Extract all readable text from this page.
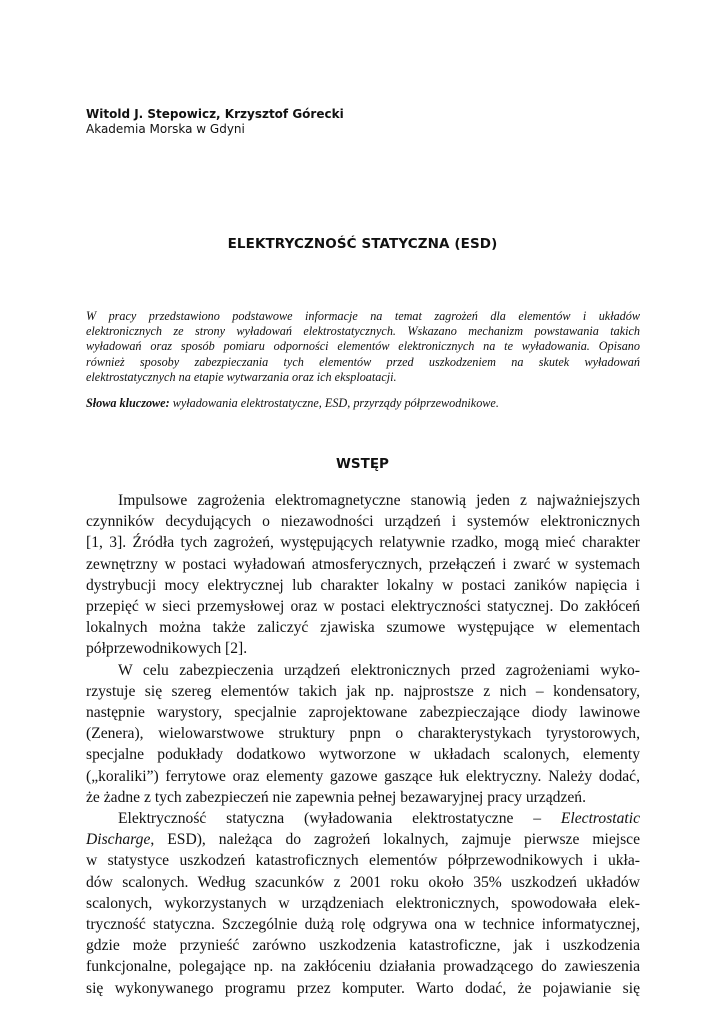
Witold J. Stepowicz, Krzysztof Górecki
Akademia Morska w Gdyni
ELEKTRYCZNOŚĆ STATYCZNA (ESD)
W pracy przedstawiono podstawowe informacje na temat zagrożeń dla elementów i układów
elektronicznych ze strony wyładowań elektrostatycznych. Wskazano mechanizm powstawania takich
wyładowań oraz sposób pomiaru odporności elementów elektronicznych na te wyładowania. Opisano
również sposoby zabezpieczania tych elementów przed uszkodzeniem na skutek wyładowań
elektrostatycznych na etapie wytwarzania oraz ich eksploatacji.
Słowa kluczowe: wyładowania elektrostatyczne, ESD, przyrządy półprzewodnikowe.
WSTĘP
Impulsowe zagrożenia elektromagnetyczne stanowią jeden z najważniejszych
czynników decydujących o niezawodności urządzeń i systemów elektronicznych
[1, 3]. Źródła tych zagrożeń, występujących relatywnie rzadko, mogą mieć charakter
zewnętrzny w postaci wyładowań atmosferycznych, przełączeń i zwarć w systemach
dystrybucji mocy elektrycznej lub charakter lokalny w postaci zaników napięcia i
przepięć w sieci przemysłowej oraz w postaci elektryczności statycznej. Do zakłóceń
lokalnych można także zaliczyć zjawiska szumowe występujące w elementach
półprzewodnikowych [2].
W celu zabezpieczenia urządzeń elektronicznych przed zagrożeniami wyko-
rzystuje się szereg elementów takich jak np. najprostsze z nich – kondensatory,
następnie warystory, specjalnie zaprojektowane zabezpieczające diody lawinowe
(Zenera), wielowarstwowe struktury pnpn o charakterystykach tyrystorowych,
specjalne podukłady dodatkowo wytworzone w układach scalonych, elementy
(„koraliki”) ferrytowe oraz elementy gazowe gaszące łuk elektryczny. Należy dodać,
że żadne z tych zabezpieczeń nie zapewnia pełnej bezawaryjnej pracy urządzeń.
Elektryczność statyczna (wyładowania elektrostatyczne – Electrostatic
Discharge, ESD), należąca do zagrożeń lokalnych, zajmuje pierwsze miejsce
w statystyce uszkodzeń katastroficznych elementów półprzewodnikowych i ukła-
dów scalonych. Według szacunków z 2001 roku około 35% uszkodzeń układów
scalonych, wykorzystanych w urządzeniach elektronicznych, spowodowała elek-
tryczność statyczna. Szczególnie dużą rolę odgrywa ona w technice informatycznej,
gdzie może przynieść zarówno uszkodzenia katastroficzne, jak i uszkodzenia
funkcjonalne, polegające np. na zakłóceniu działania prowadzącego do zawieszenia
się wykonywanego programu przez komputer. Warto dodać, że pojawianie się
